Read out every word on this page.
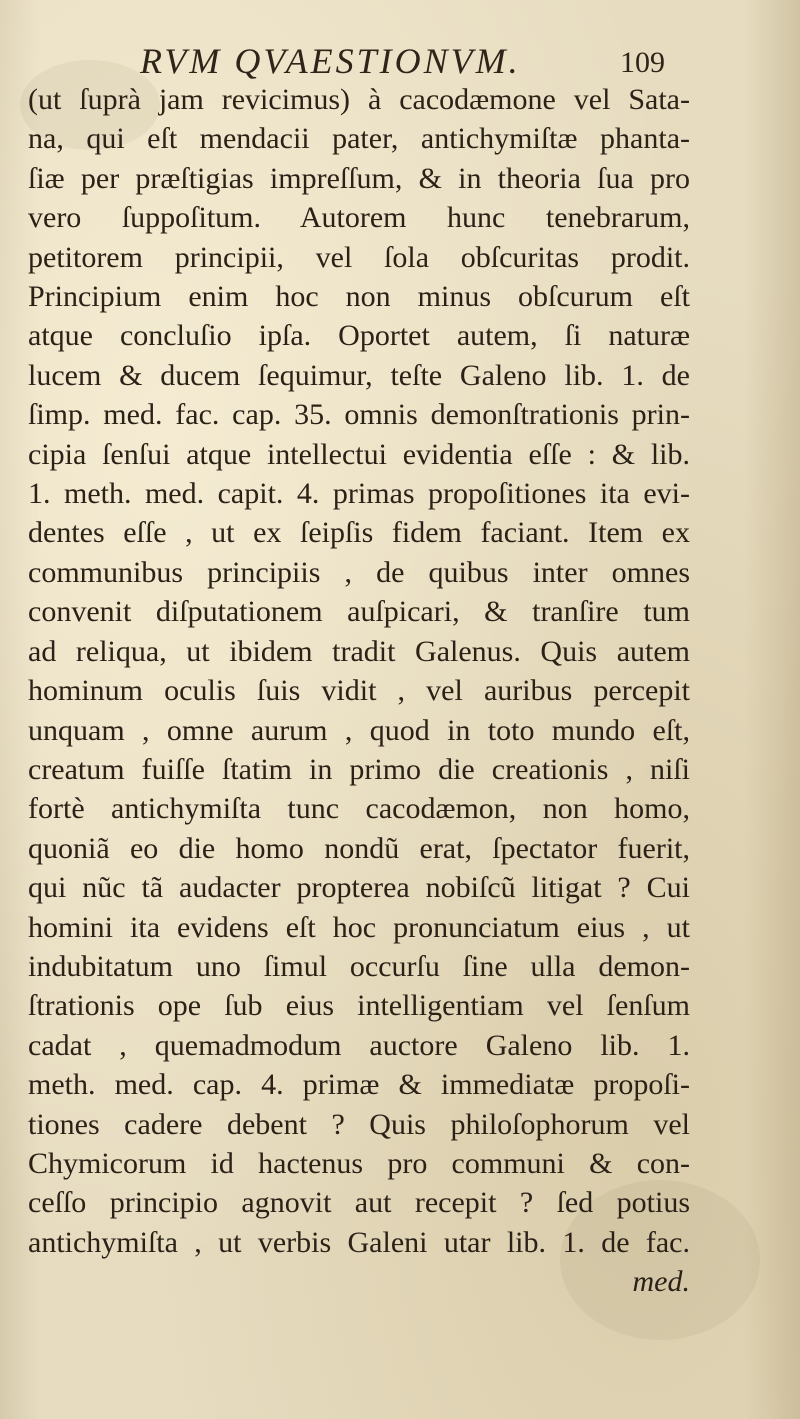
RVM QVAESTIONVM.	109
(ut ſuprà jam revicimus) à cacodæmone vel Sata-
na, qui eſt mendacii pater, antichymiſtæ phanta-
ſiæ per præſtigias impreſſum, & in theoria ſua pro
vero ſuppoſitum. Autorem hunc tenebrarum,
petitorem principii, vel ſola obſcuritas prodit.
Principium enim hoc non minus obſcurum eſt
atque concluſio ipſa. Oportet autem, ſi naturæ
lucem & ducem ſequimur, teſte Galeno lib. 1. de
ſimp. med. fac. cap. 35. omnis demonſtrationis prin-
cipia ſenſui atque intellectui evidentia eſſe : & lib.
1. meth. med. capit. 4. primas propoſitiones ita evi-
dentes eſſe , ut ex ſeipſis fidem faciant. Item ex
communibus principiis , de quibus inter omnes
convenit diſputationem auſpicari, & tranſire tum
ad reliqua, ut ibidem tradit Galenus. Quis autem
hominum oculis ſuis vidit , vel auribus percepit
unquam , omne aurum , quod in toto mundo eſt,
creatum fuiſſe ſtatim in primo die creationis , niſi
fortè antichymiſta tunc cacodæmon, non homo,
quoniã eo die homo nondũ erat, ſpectator fuerit,
qui nũc tã audacter propterea nobiſcũ litigat ? Cui
homini ita evidens eſt hoc pronunciatum eius , ut
indubitatum uno ſimul occurſu ſine ulla demon-
ſtrationis ope ſub eius intelligentiam vel ſenſum
cadat , quemadmodum auctore Galeno lib. 1.
meth. med. cap. 4. primæ & immediatæ propoſi-
tiones cadere debent ? Quis philoſophorum vel
Chymicorum id hactenus pro communi & con-
ceſſo principio agnovit aut recepit ? ſed potius
antichymiſta , ut verbis Galeni utar lib. 1. de fac.
med.
